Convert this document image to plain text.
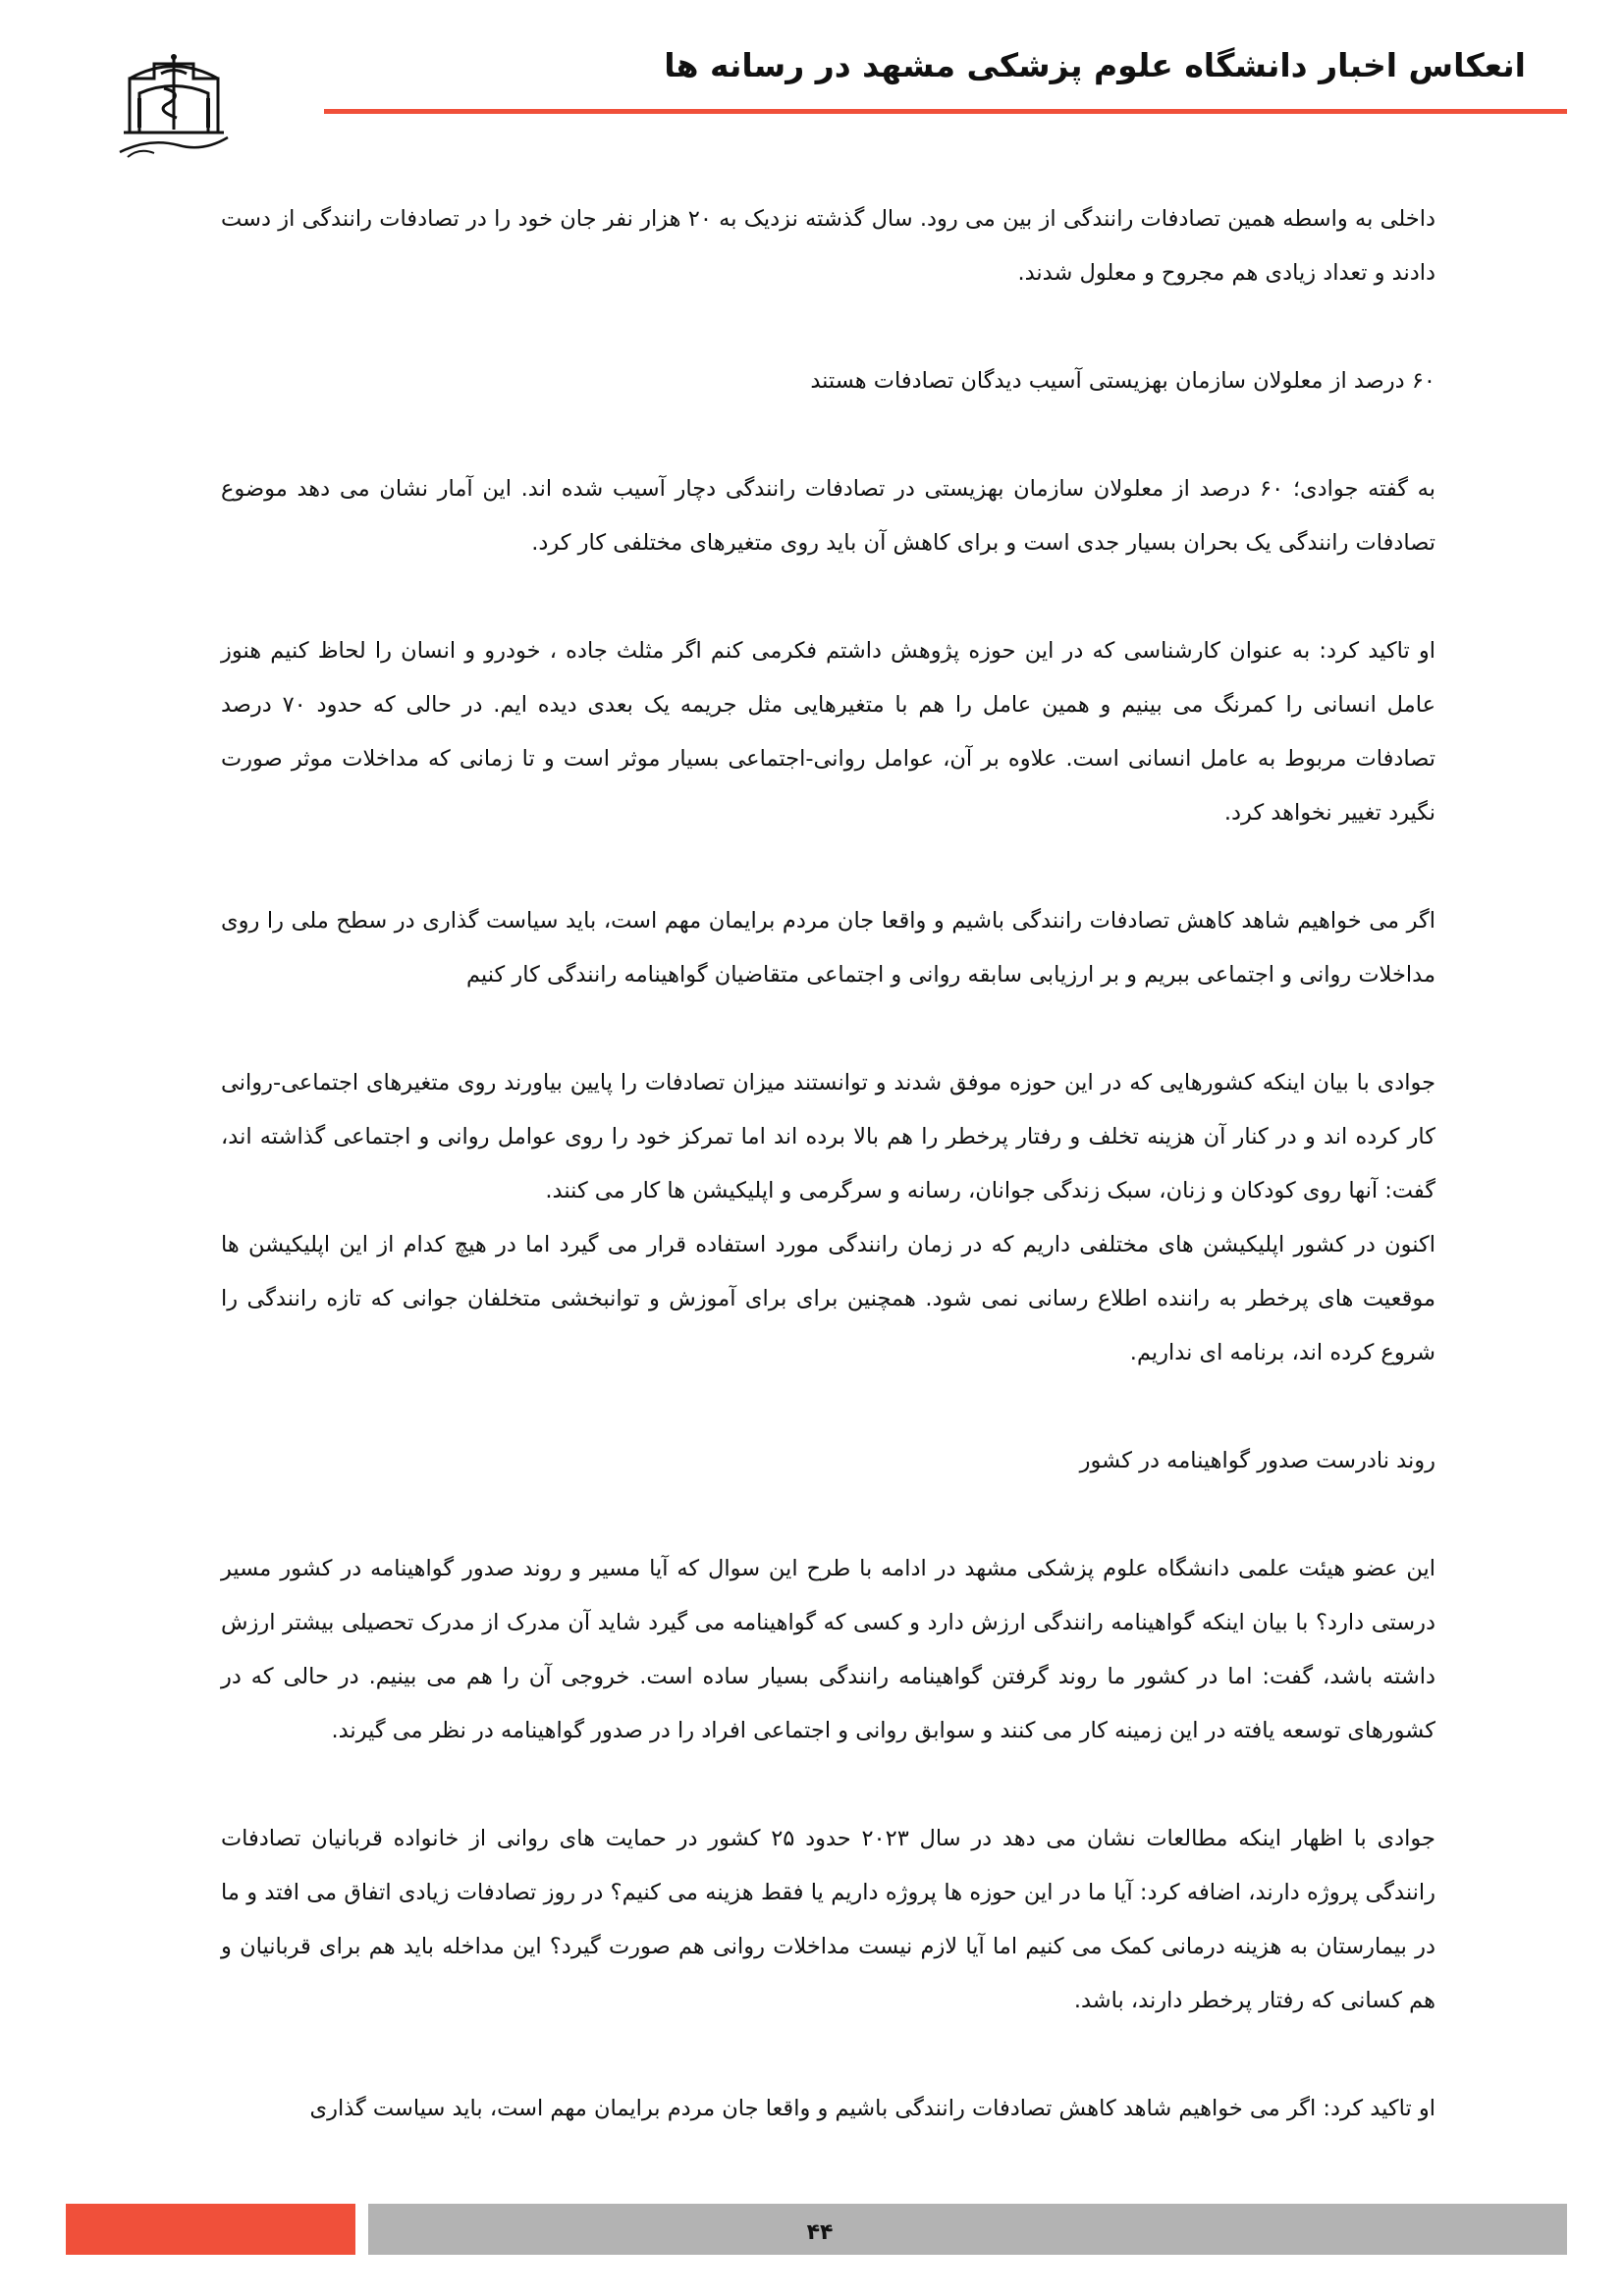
انعکاس اخبار دانشگاه علوم پزشکی مشهد در رسانه ها

داخلی به واسطه همین تصادفات رانندگی از بین می رود. سال گذشته نزدیک به ۲۰ هزار نفر جان خود را در تصادفات رانندگی از دست دادند و تعداد زیادی هم مجروح و معلول شدند.

۶۰ درصد از معلولان سازمان بهزیستی آسیب دیدگان تصادفات هستند

به گفته جوادی؛ ۶۰ درصد از معلولان سازمان بهزیستی در تصادفات رانندگی دچار آسیب شده اند. این آمار نشان می دهد موضوع تصادفات رانندگی یک بحران بسیار جدی است و برای کاهش آن باید روی متغیرهای مختلفی کار کرد.

او تاکید کرد: به عنوان کارشناسی که در این حوزه پژوهش داشتم فکرمی کنم اگر مثلث جاده ، خودرو و انسان را لحاظ کنیم هنوز عامل انسانی را کمرنگ می بینیم و همین عامل را هم با متغیرهایی مثل جریمه یک بعدی دیده ایم. در حالی که حدود ۷۰ درصد تصادفات مربوط به عامل انسانی است. علاوه بر آن، عوامل روانی-اجتماعی بسیار موثر است و تا زمانی که مداخلات موثر صورت نگیرد تغییر نخواهد کرد.

اگر می خواهیم شاهد کاهش تصادفات رانندگی باشیم و واقعا جان مردم برایمان مهم است، باید سیاست گذاری در سطح ملی را روی مداخلات روانی و اجتماعی ببریم و بر ارزیابی سابقه روانی و اجتماعی متقاضیان گواهینامه رانندگی کار کنیم

جوادی با بیان اینکه کشورهایی که در این حوزه موفق شدند و توانستند میزان تصادفات را پایین بیاورند روی متغیرهای اجتماعی-روانی کار کرده اند و در کنار آن هزینه تخلف و رفتار پرخطر را هم بالا برده اند اما تمرکز خود را روی عوامل روانی و اجتماعی گذاشته اند، گفت: آنها روی کودکان و زنان، سبک زندگی جوانان، رسانه و سرگرمی و اپلیکیشن ها کار می کنند.

اکنون در کشور اپلیکیشن های مختلفی داریم که در زمان رانندگی مورد استفاده قرار می گیرد اما در هیچ کدام از این اپلیکیشن ها موقعیت های پرخطر به راننده اطلاع رسانی نمی شود. همچنین برای برای آموزش و توانبخشی متخلفان جوانی که تازه رانندگی را شروع کرده اند، برنامه ای نداریم.

روند نادرست صدور گواهینامه در کشور

این عضو هیئت علمی دانشگاه علوم پزشکی مشهد در ادامه با طرح این سوال که آیا مسیر و روند صدور گواهینامه در کشور مسیر درستی دارد؟ با بیان اینکه گواهینامه رانندگی ارزش دارد و کسی که گواهینامه می گیرد شاید آن مدرک از مدرک تحصیلی بیشتر ارزش داشته باشد، گفت: اما در کشور ما روند گرفتن گواهینامه رانندگی بسیار ساده است. خروجی آن را هم می بینیم. در حالی که در کشورهای توسعه یافته در این زمینه کار می کنند و سوابق روانی و اجتماعی افراد را در صدور گواهینامه در نظر می گیرند.

جوادی با اظهار اینکه مطالعات نشان می دهد در سال ۲۰۲۳ حدود ۲۵ کشور در حمایت های روانی از خانواده قربانیان تصادفات رانندگی پروژه دارند، اضافه کرد: آیا ما در این حوزه ها پروژه داریم یا فقط هزینه می کنیم؟ در روز تصادفات زیادی اتفاق می افتد و ما در بیمارستان به هزینه درمانی کمک می کنیم اما آیا لازم نیست مداخلات روانی هم صورت گیرد؟ این مداخله باید هم برای قربانیان و هم کسانی که رفتار پرخطر دارند، باشد.

او تاکید کرد: اگر می خواهیم شاهد کاهش تصادفات رانندگی باشیم و واقعا جان مردم برایمان مهم است، باید سیاست گذاری

۴۴
